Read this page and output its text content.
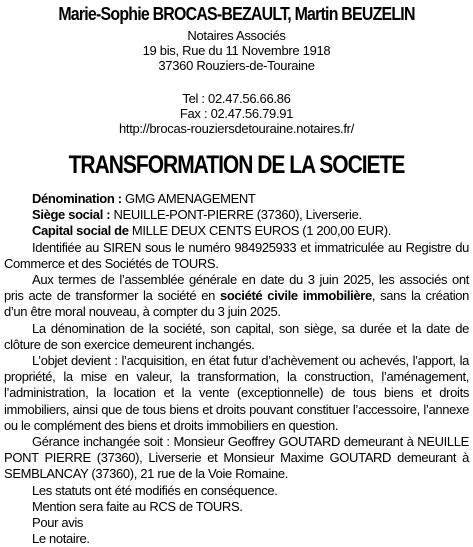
Marie-Sophie BROCAS-BEZAULT, Martin BEUZELIN
Notaires Associés
19 bis, Rue du 11 Novembre 1918
37360 Rouziers-de-Touraine
Tel : 02.47.56.66.86
Fax : 02.47.56.79.91
http://brocas-rouziersdetouraine.notaires.fr/
TRANSFORMATION DE LA SOCIETE
Dénomination : GMG AMENAGEMENT
Siège social : NEUILLE-PONT-PIERRE (37360), Liverserie.
Capital social de MILLE DEUX CENTS EUROS (1 200,00 EUR).
Identifiée au SIREN sous le numéro 984925933 et immatriculée au Registre du Commerce et des Sociétés de TOURS.
Aux termes de l’assemblée générale en date du 3 juin 2025, les associés ont pris acte de transformer la société en société civile immobilière, sans la création d’un être moral nouveau, à compter du 3 juin 2025.
La dénomination de la société, son capital, son siège, sa durée et la date de clôture de son exercice demeurent inchangés.
L’objet devient : l’acquisition, en état futur d’achèvement ou achevés, l’apport, la propriété, la mise en valeur, la transformation, la construction, l’aménagement, l’administration, la location et la vente (exceptionnelle) de tous biens et droits immobiliers, ainsi que de tous biens et droits pouvant constituer l’accessoire, l’annexe ou le complément des biens et droits immobiliers en question.
Gérance inchangée soit : Monsieur Geoffrey GOUTARD demeurant à NEUILLE PONT PIERRE (37360), Liverserie et Monsieur Maxime GOUTARD demeurant à SEMBLANCAY (37360), 21 rue de la Voie Romaine.
Les statuts ont été modifiés en conséquence.
Mention sera faite au RCS de TOURS.
Pour avis
Le notaire.
